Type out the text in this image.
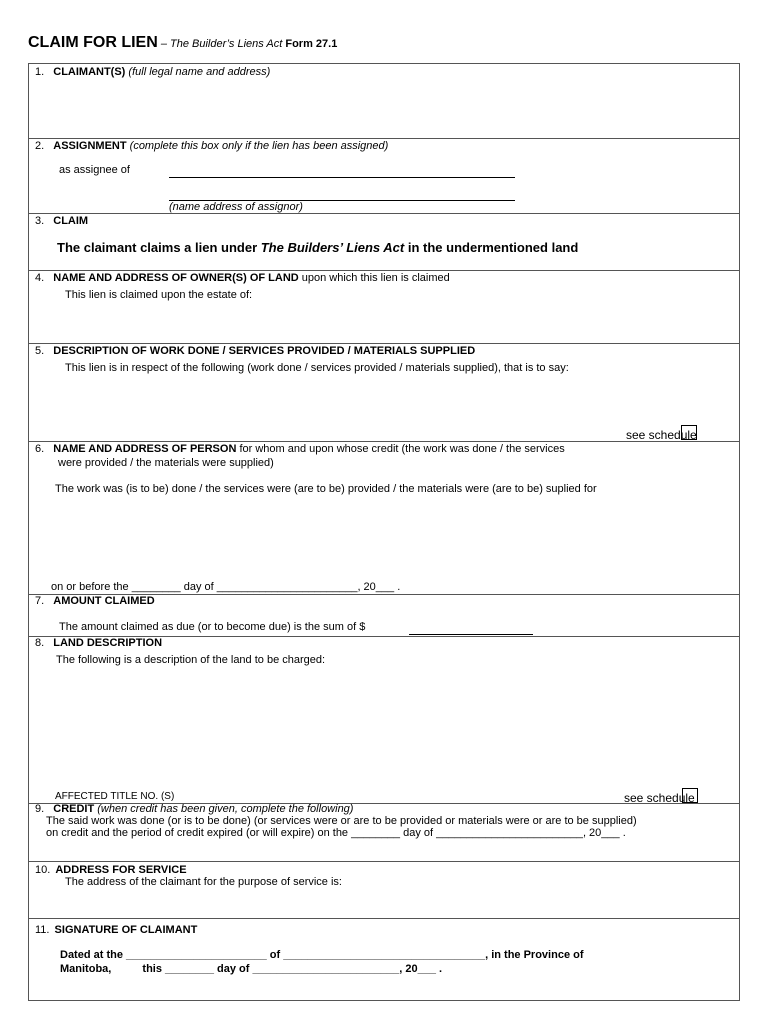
CLAIM FOR LIEN – The Builder’s Liens Act Form 27.1
1. CLAIMANT(S) (full legal name and address)
2. ASSIGNMENT (complete this box only if the lien has been assigned)
as assignee of
(name address of assignor)
3. CLAIM
The claimant claims a lien under The Builders’ Liens Act in the undermentioned land
4. NAME AND ADDRESS OF OWNER(S) OF LAND upon which this lien is claimed
This lien is claimed upon the estate of:
5. DESCRIPTION OF WORK DONE / SERVICES PROVIDED / MATERIALS SUPPLIED
This lien is in respect of the following (work done / services provided / materials supplied), that is to say:
see schedule
6. NAME AND ADDRESS OF PERSON for whom and upon whose credit (the work was done / the services
were provided / the materials were supplied)
The work was (is to be) done / the services were (are to be) provided / the materials were (are to be) suplied for
on or before the ________ day of _______________________, 20___ .
7. AMOUNT CLAIMED
The amount claimed as due (or to become due) is the sum of $
8. LAND DESCRIPTION
The following is a description of the land to be charged:
AFFECTED TITLE NO. (S)	see schedule
9. CREDIT (when credit has been given, complete the following)
The said work was done (or is to be done) (or services were or are to be provided or materials were or are to be supplied)
on credit and the period of credit expired (or will expire) on the ________ day of ________________________, 20___ .
10. ADDRESS FOR SERVICE
The address of the claimant for the purpose of service is:
11. SIGNATURE OF CLAIMANT
Dated at the _______________________ of _________________________________, in the Province of
Manitoba,	this ________ day of ________________________, 20___ .
